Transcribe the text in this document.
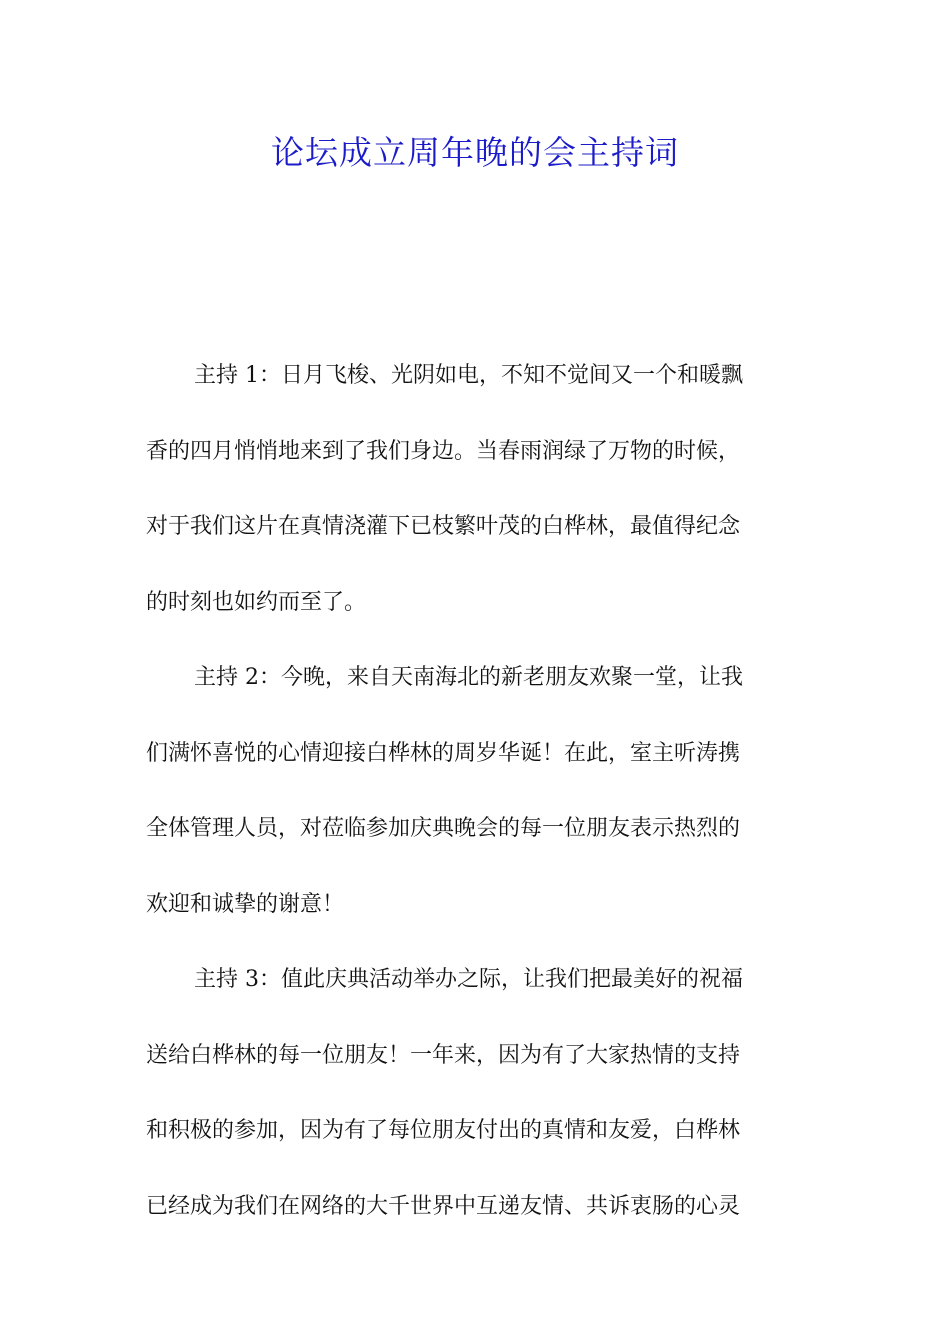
论坛成立周年晚的会主持词
主持 1：日月飞梭、光阴如电，不知不觉间又一个和暖飘
香的四月悄悄地来到了我们身边。当春雨润绿了万物的时候，
对于我们这片在真情浇灌下已枝繁叶茂的白桦林，最值得纪念
的时刻也如约而至了。
主持 2：今晚，来自天南海北的新老朋友欢聚一堂，让我
们满怀喜悦的心情迎接白桦林的周岁华诞！在此，室主听涛携
全体管理人员，对莅临参加庆典晚会的每一位朋友表示热烈的
欢迎和诚挚的谢意！
主持 3：值此庆典活动举办之际，让我们把最美好的祝福
送给白桦林的每一位朋友！一年来，因为有了大家热情的支持
和积极的参加，因为有了每位朋友付出的真情和友爱，白桦林
已经成为我们在网络的大千世界中互递友情、共诉衷肠的心灵
